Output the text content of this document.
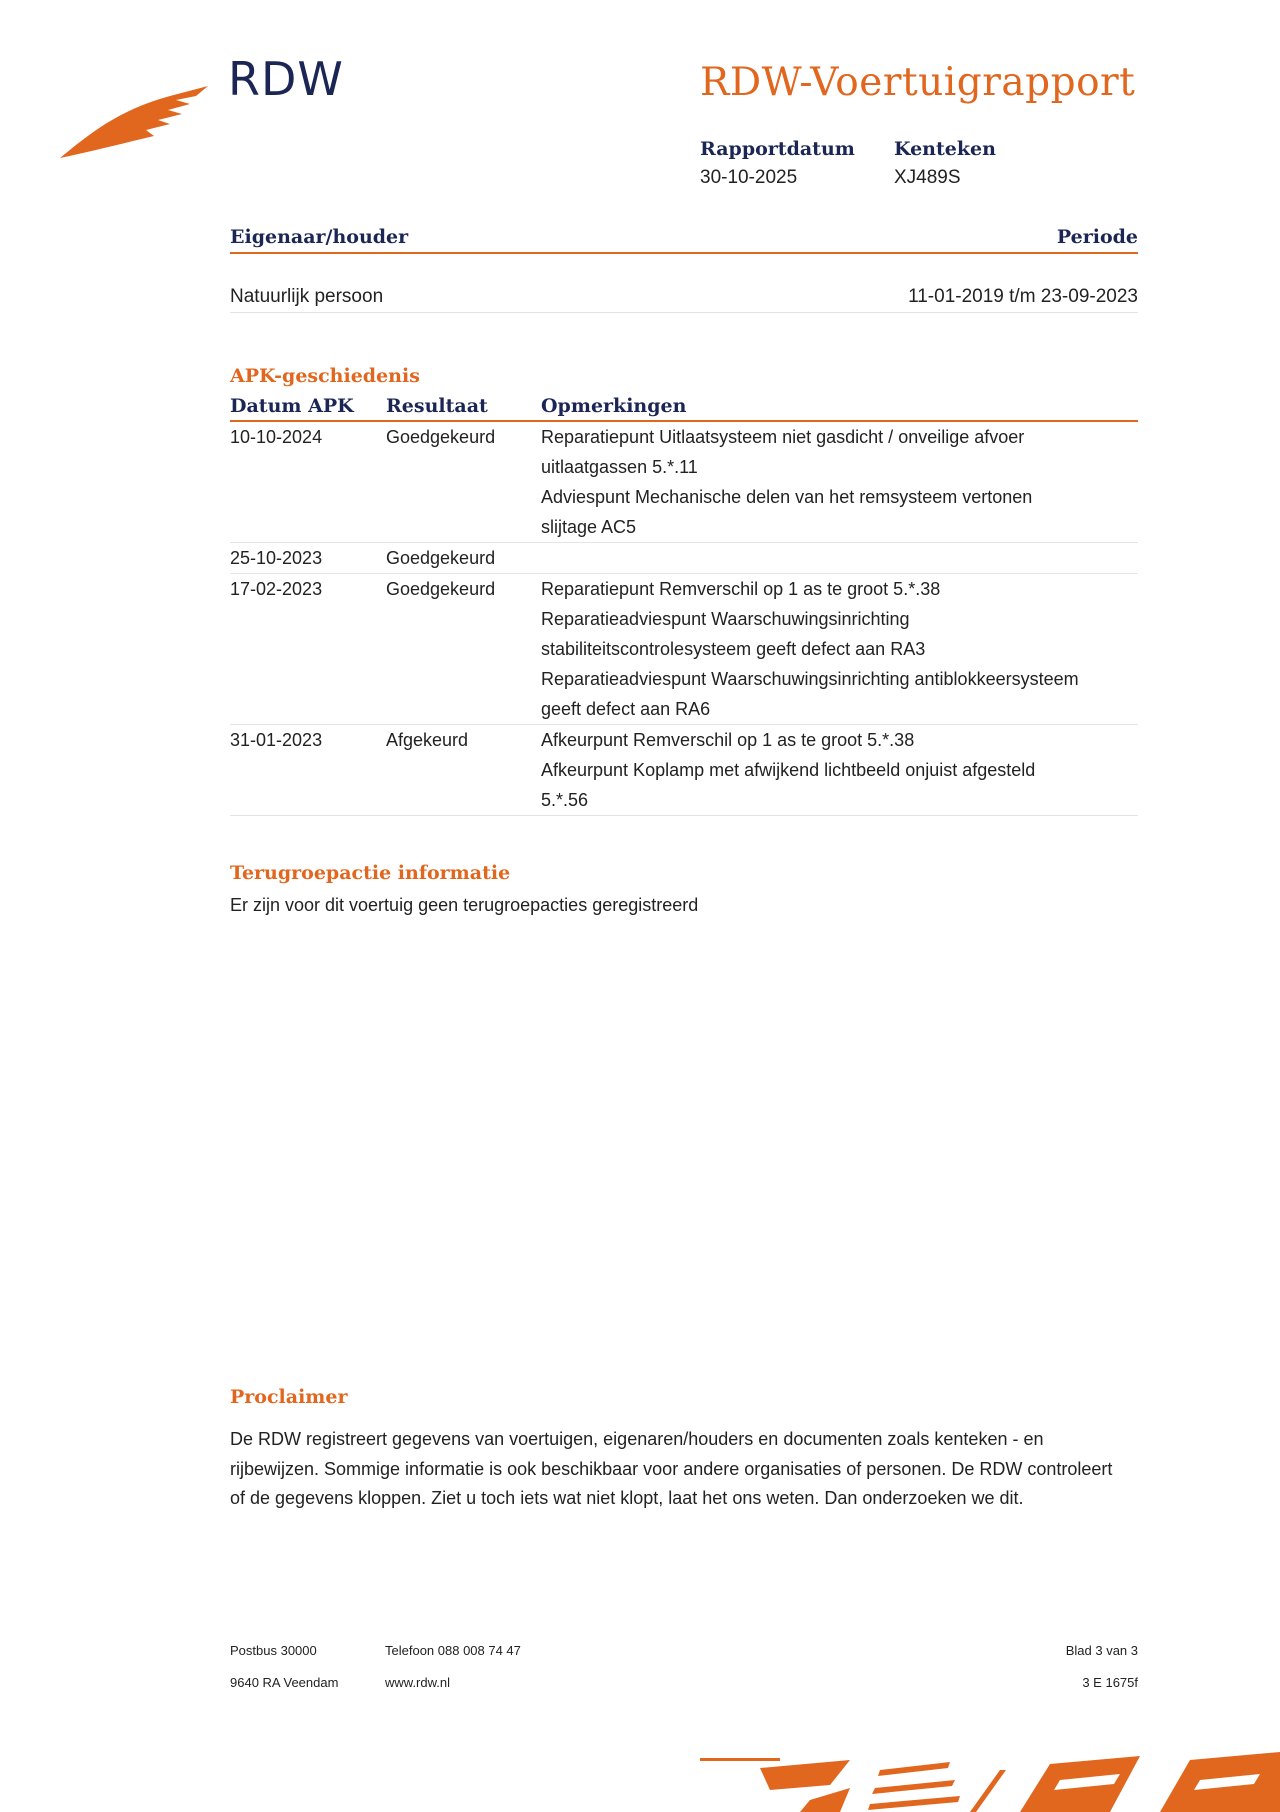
RDW	RDW-Voertuigrapport
Rapportdatum
30-10-2025
Kenteken
XJ489S
Eigenaar/houder	Periode
Natuurlijk persoon	11-01-2019 t/m 23-09-2023
APK-geschiedenis
Datum APK	Resultaat	Opmerkingen
10-10-2024	Goedgekeurd	Reparatiepunt Uitlaatsysteem niet gasdicht / onveilige afvoer
uitlaatgassen 5.*.11
Adviespunt Mechanische delen van het remsysteem vertonen
slijtage AC5

25-10-2023	Goedgekeurd	
17-02-2023	Goedgekeurd	Reparatiepunt Remverschil op 1 as te groot 5.*.38
Reparatieadviespunt Waarschuwingsinrichting
stabiliteitscontrolesysteem geeft defect aan RA3
Reparatieadviespunt Waarschuwingsinrichting antiblokkeersysteem
geeft defect aan RA6

31-01-2023	Afgekeurd	Afkeurpunt Remverschil op 1 as te groot 5.*.38
Afkeurpunt Koplamp met afwijkend lichtbeeld onjuist afgesteld
5.*.56
Terugroepactie informatie
Er zijn voor dit voertuig geen terugroepacties geregistreerd
Proclaimer
De RDW registreert gegevens van voertuigen, eigenaren/houders en documenten zoals kenteken - en rijbewijzen. Sommige informatie is ook beschikbaar voor andere organisaties of personen. De RDW controleert of de gegevens kloppen. Ziet u toch iets wat niet klopt, laat het ons weten. Dan onderzoeken we dit.
Postbus 30000
9640 RA Veendam
Telefoon 088 008 74 47
www.rdw.nl
Blad 3 van 3
3 E 1675f
